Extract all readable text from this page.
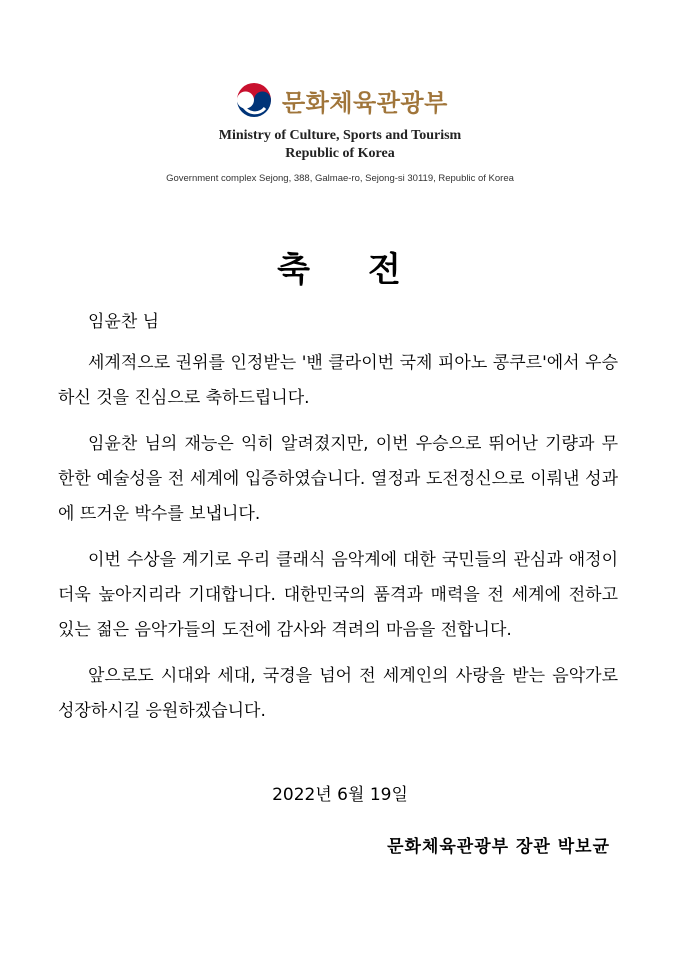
문화체육관광부
Ministry of Culture, Sports and Tourism
Republic of Korea
Government complex Sejong, 388, Galmae-ro, Sejong-si 30119, Republic of Korea
축 전
임윤찬 님

세계적으로 권위를 인정받는 '밴 클라이번 국제 피아노 콩쿠르'에서 우승하신 것을 진심으로 축하드립니다.

임윤찬 님의 재능은 익히 알려졌지만, 이번 우승으로 뛰어난 기량과 무한한 예술성을 전 세계에 입증하였습니다. 열정과 도전정신으로 이뤄낸 성과에 뜨거운 박수를 보냅니다.

이번 수상을 계기로 우리 클래식 음악계에 대한 국민들의 관심과 애정이 더욱 높아지리라 기대합니다. 대한민국의 품격과 매력을 전 세계에 전하고 있는 젊은 음악가들의 도전에 감사와 격려의 마음을 전합니다.

앞으로도 시대와 세대, 국경을 넘어 전 세계인의 사랑을 받는 음악가로 성장하시길 응원하겠습니다.

2022년 6월 19일
문화체육관광부 장관 박보균
